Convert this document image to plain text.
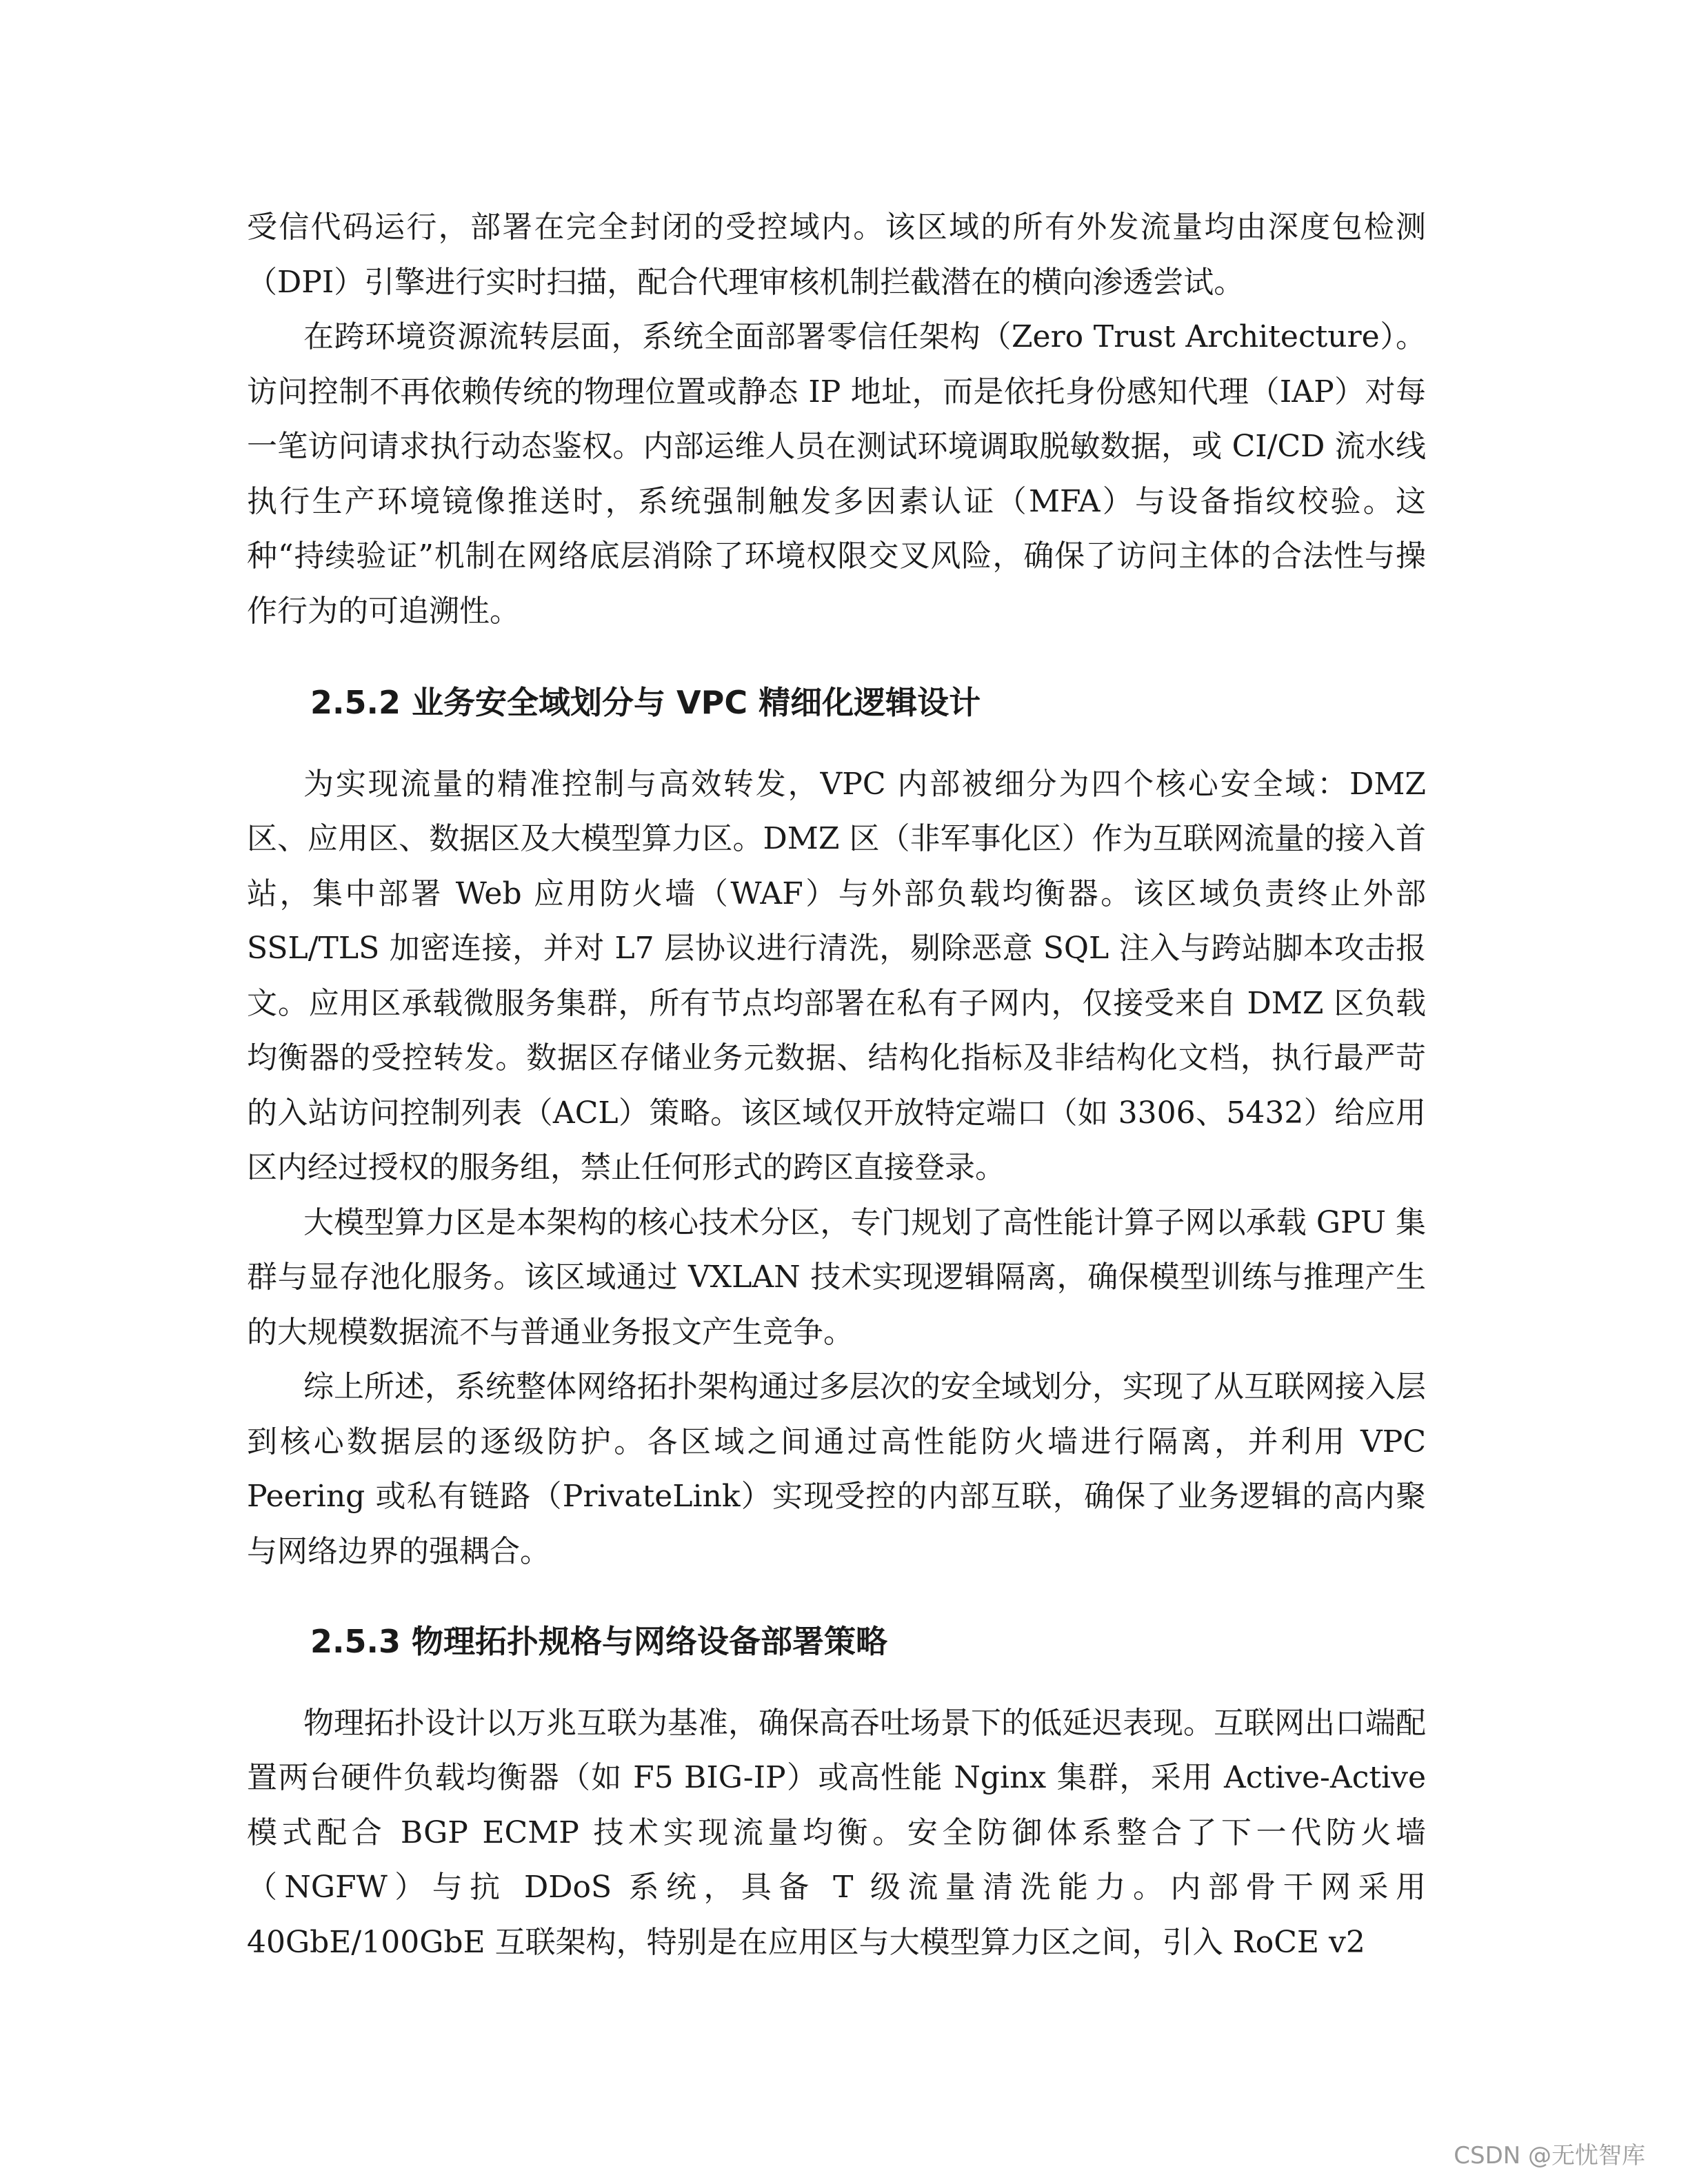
受信代码运行，部署在完全封闭的受控域内。该区域的所有外发流量均由深度包检测（DPI）引擎进行实时扫描，配合代理审核机制拦截潜在的横向渗透尝试。

在跨环境资源流转层面，系统全面部署零信任架构（Zero Trust Architecture）。访问控制不再依赖传统的物理位置或静态 IP 地址，而是依托身份感知代理（IAP）对每一笔访问请求执行动态鉴权。内部运维人员在测试环境调取脱敏数据，或 CI/CD 流水线执行生产环境镜像推送时，系统强制触发多因素认证（MFA）与设备指纹校验。这种“持续验证”机制在网络底层消除了环境权限交叉风险，确保了访问主体的合法性与操作行为的可追溯性。

2.5.2 业务安全域划分与 VPC 精细化逻辑设计

为实现流量的精准控制与高效转发，VPC 内部被细分为四个核心安全域：DMZ 区、应用区、数据区及大模型算力区。DMZ 区（非军事化区）作为互联网流量的接入首站，集中部署 Web 应用防火墙（WAF）与外部负载均衡器。该区域负责终止外部 SSL/TLS 加密连接，并对 L7 层协议进行清洗，剔除恶意 SQL 注入与跨站脚本攻击报文。应用区承载微服务集群，所有节点均部署在私有子网内，仅接受来自 DMZ 区负载均衡器的受控转发。数据区存储业务元数据、结构化指标及非结构化文档，执行最严苛的入站访问控制列表（ACL）策略。该区域仅开放特定端口（如 3306、5432）给应用区内经过授权的服务组，禁止任何形式的跨区直接登录。

大模型算力区是本架构的核心技术分区，专门规划了高性能计算子网以承载 GPU 集群与显存池化服务。该区域通过 VXLAN 技术实现逻辑隔离，确保模型训练与推理产生的大规模数据流不与普通业务报文产生竞争。

综上所述，系统整体网络拓扑架构通过多层次的安全域划分，实现了从互联网接入层到核心数据层的逐级防护。各区域之间通过高性能防火墙进行隔离，并利用 VPC Peering 或私有链路（PrivateLink）实现受控的内部互联，确保了业务逻辑的高内聚与网络边界的强耦合。

2.5.3 物理拓扑规格与网络设备部署策略

物理拓扑设计以万兆互联为基准，确保高吞吐场景下的低延迟表现。互联网出口端配置两台硬件负载均衡器（如 F5 BIG-IP）或高性能 Nginx 集群，采用 Active-Active 模式配合 BGP ECMP 技术实现流量均衡。安全防御体系整合了下一代防火墙（NGFW）与抗 DDoS 系统，具备 T 级流量清洗能力。内部骨干网采用 40GbE/100GbE 互联架构，特别是在应用区与大模型算力区之间，引入 RoCE v2

CSDN @无忧智库
